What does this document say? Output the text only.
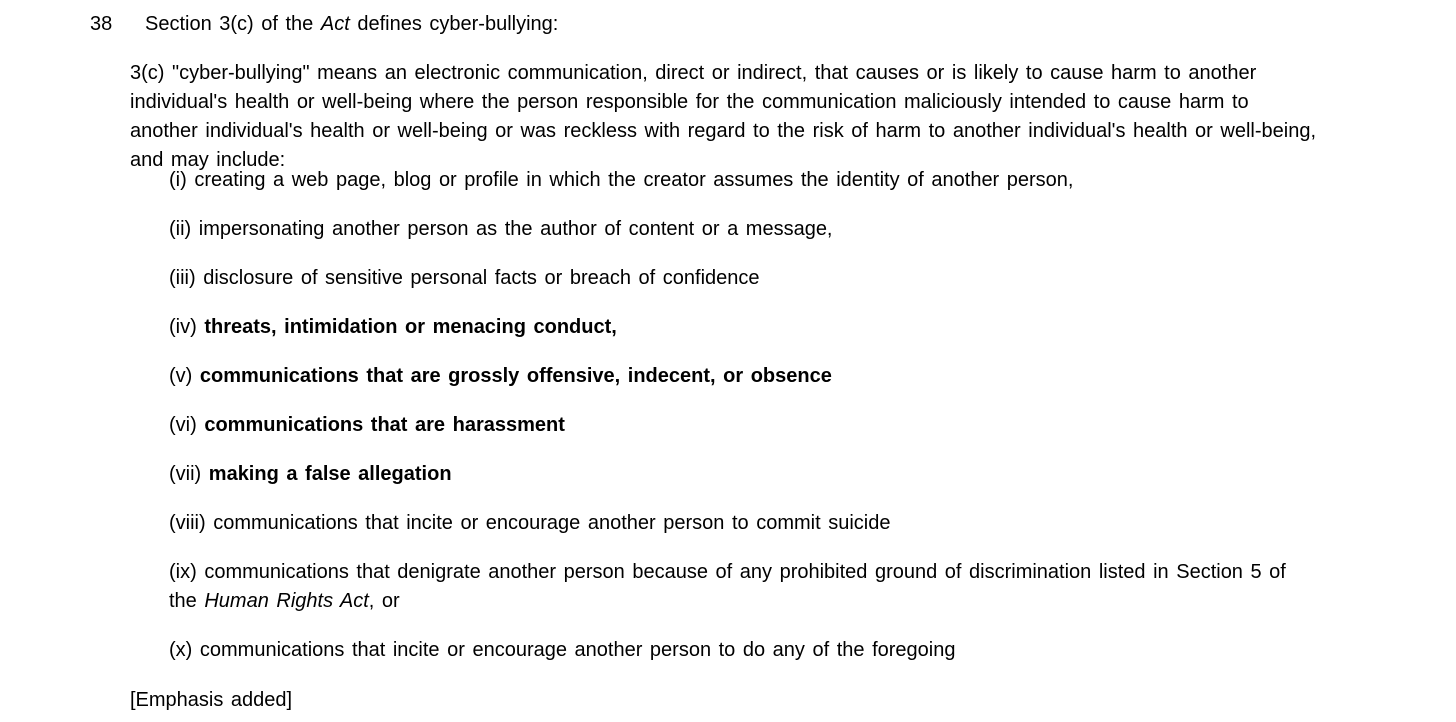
38 Section 3(c) of the Act defines cyber-bullying:

3(c) "cyber-bullying" means an electronic communication, direct or indirect, that causes or is likely to cause harm to another individual's health or well-being where the person responsible for the communication maliciously intended to cause harm to another individual's health or well-being or was reckless with regard to the risk of harm to another individual's health or well-being, and may include:

(i) creating a web page, blog or profile in which the creator assumes the identity of another person,
(ii) impersonating another person as the author of content or a message,
(iii) disclosure of sensitive personal facts or breach of confidence
(iv) threats, intimidation or menacing conduct,
(v) communications that are grossly offensive, indecent, or obsence
(vi) communications that are harassment
(vii) making a false allegation
(viii) communications that incite or encourage another person to commit suicide
(ix) communications that denigrate another person because of any prohibited ground of discrimination listed in Section 5 of the Human Rights Act, or
(x) communications that incite or encourage another person to do any of the foregoing
[Emphasis added]
